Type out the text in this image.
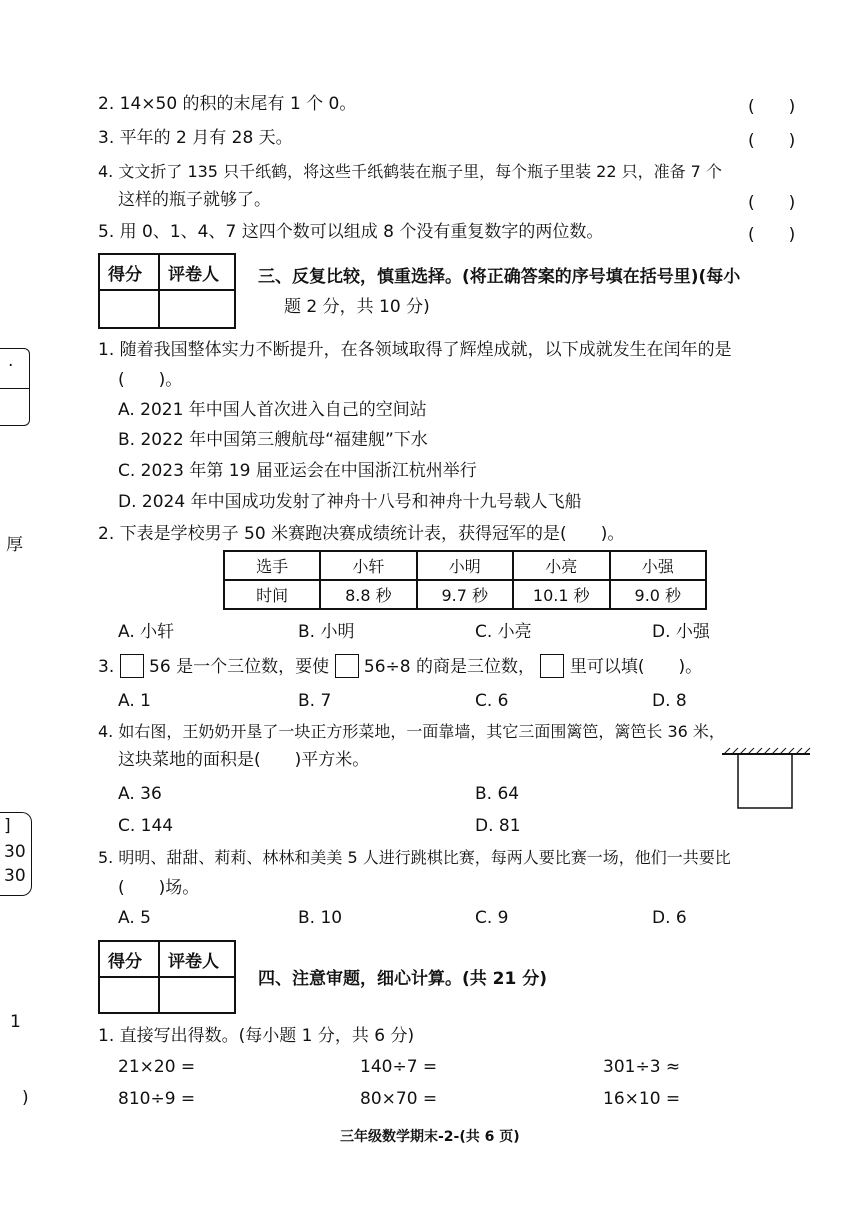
·
厚
]
30
30
1
)
2. 14×50 的积的末尾有 1 个 0。	(　　)
3. 平年的 2 月有 28 天。	(　　)
4. 文文折了 135 只千纸鹤，将这些千纸鹤装在瓶子里，每个瓶子里装 22 只，准备 7 个
这样的瓶子就够了。	(　　)
5. 用 0、1、4、7 这四个数可以组成 8 个没有重复数字的两位数。	(　　)
得分 评卷人 三、反复比较，慎重选择。(将正确答案的序号填在括号里)(每小
题 2 分，共 10 分)
1. 随着我国整体实力不断提升，在各领域取得了辉煌成就，以下成就发生在闰年的是
(　　)。
A. 2021 年中国人首次进入自己的空间站
B. 2022 年中国第三艘航母“福建舰”下水
C. 2023 年第 19 届亚运会在中国浙江杭州举行
D. 2024 年中国成功发射了神舟十八号和神舟十九号载人飞船
2. 下表是学校男子 50 米赛跑决赛成绩统计表，获得冠军的是(　　)。
选手	小轩	小明	小亮	小强
时间	8.8 秒	9.7 秒	10.1 秒	9.0 秒
A. 小轩	B. 小明	C. 小亮	D. 小强
3. 56 是一个三位数，要使 56÷8 的商是三位数， 里可以填(　　)。
A. 1	B. 7	C. 6	D. 8
4. 如右图，王奶奶开垦了一块正方形菜地，一面靠墙，其它三面围篱笆，篱笆长 36 米，
这块菜地的面积是(　　)平方米。
A. 36	B. 64
C. 144	D. 81
5. 明明、甜甜、莉莉、林林和美美 5 人进行跳棋比赛，每两人要比赛一场，他们一共要比
(　　)场。
A. 5	B. 10	C. 9	D. 6
得分 评卷人
四、注意审题，细心计算。(共 21 分)
1. 直接写出得数。(每小题 1 分，共 6 分)
21×20 =	140÷7 =	301÷3 ≈
810÷9 =	80×70 =	16×10 =
三年级数学期末-2-(共 6 页)
